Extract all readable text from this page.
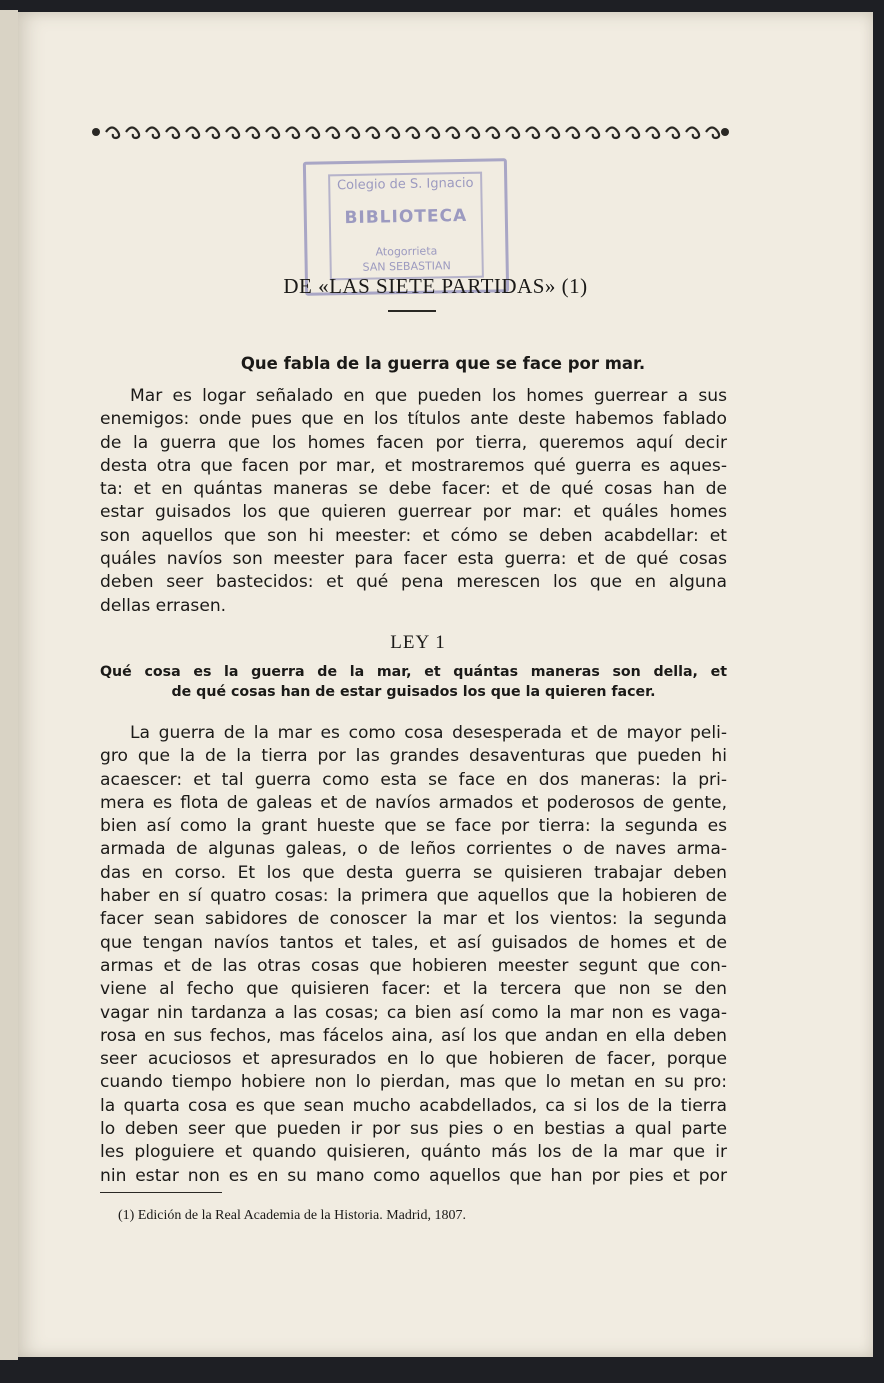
Colegio de S. Ignacio
BIBLIOTECA
Atogorrieta
SAN SEBASTIAN
DE «LAS SIETE PARTIDAS» (1)
Que fabla de la guerra que se face por mar.
Mar es logar señalado en que pueden los homes guerrear a sus
enemigos: onde pues que en los títulos ante deste habemos fablado
de la guerra que los homes facen por tierra, queremos aquí decir
desta otra que facen por mar, et mostraremos qué guerra es aques-
ta: et en quántas maneras se debe facer: et de qué cosas han de
estar guisados los que quieren guerrear por mar: et quáles homes
son aquellos que son hi meester: et cómo se deben acabdellar: et
quáles navíos son meester para facer esta guerra: et de qué cosas
deben seer bastecidos: et qué pena merescen los que en alguna
dellas errasen.
LEY 1
Qué cosa es la guerra de la mar, et quántas maneras son della, et
de qué cosas han de estar guisados los que la quieren facer.
La guerra de la mar es como cosa desesperada et de mayor peli-
gro que la de la tierra por las grandes desaventuras que pueden hi
acaescer: et tal guerra como esta se face en dos maneras: la pri-
mera es flota de galeas et de navíos armados et poderosos de gente,
bien así como la grant hueste que se face por tierra: la segunda es
armada de algunas galeas, o de leños corrientes o de naves arma-
das en corso. Et los que desta guerra se quisieren trabajar deben
haber en sí quatro cosas: la primera que aquellos que la hobieren de
facer sean sabidores de conoscer la mar et los vientos: la segunda
que tengan navíos tantos et tales, et así guisados de homes et de
armas et de las otras cosas que hobieren meester segunt que con-
viene al fecho que quisieren facer: et la tercera que non se den
vagar nin tardanza a las cosas; ca bien así como la mar non es vaga-
rosa en sus fechos, mas fácelos aina, así los que andan en ella deben
seer acuciosos et apresurados en lo que hobieren de facer, porque
cuando tiempo hobiere non lo pierdan, mas que lo metan en su pro:
la quarta cosa es que sean mucho acabdellados, ca si los de la tierra
lo deben seer que pueden ir por sus pies o en bestias a qual parte
les ploguiere et quando quisieren, quánto más los de la mar que ir
nin estar non es en su mano como aquellos que han por pies et por
(1) Edición de la Real Academia de la Historia. Madrid, 1807.
